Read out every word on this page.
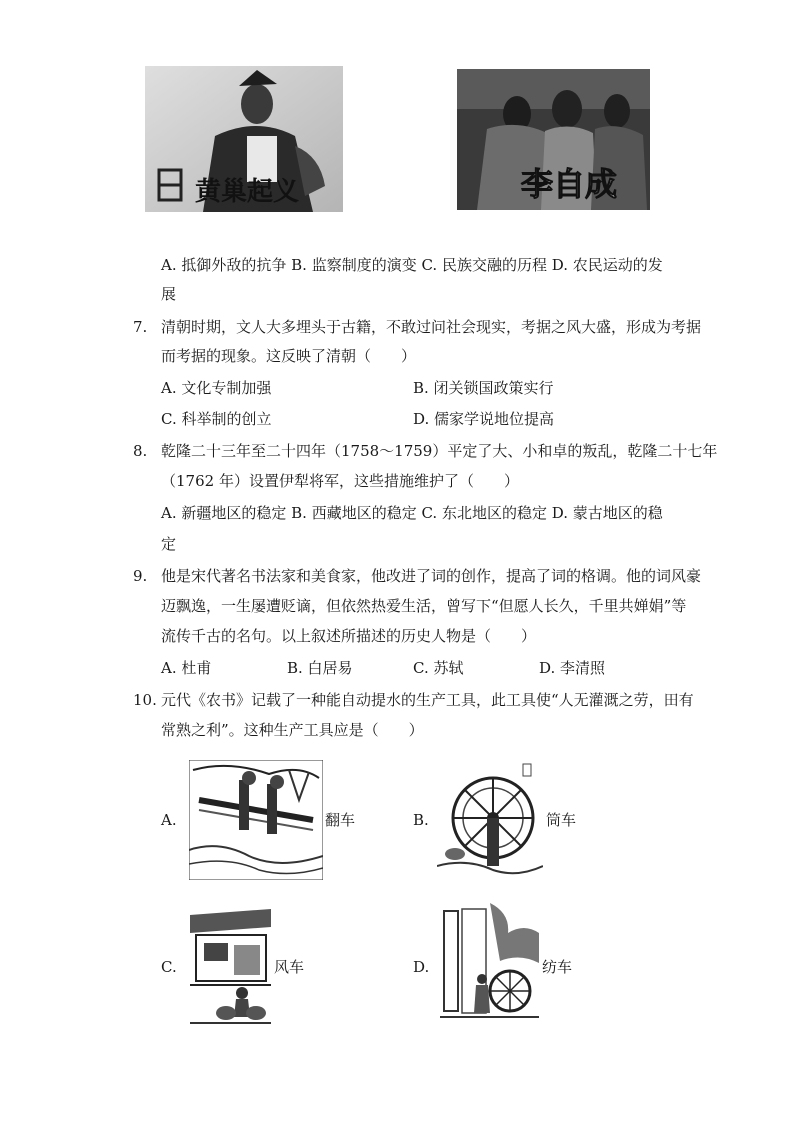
黄巢起义	李自成
A. 抵御外敌的抗争 B. 监察制度的演变 C. 民族交融的历程 D. 农民运动的发
展
7. 清朝时期，文人大多埋头于古籍，不敢过问社会现实，考据之风大盛，形成为考据
而考据的现象。这反映了清朝（　　）
A. 文化专制加强	B. 闭关锁国政策实行
C. 科举制的创立	D. 儒家学说地位提高
8. 乾隆二十三年至二十四年（1758～1759）平定了大、小和卓的叛乱，乾隆二十七年
（1762 年）设置伊犁将军，这些措施维护了（　　）
A. 新疆地区的稳定 B. 西藏地区的稳定 C. 东北地区的稳定 D. 蒙古地区的稳
定
9. 他是宋代著名书法家和美食家，他改进了词的创作，提高了词的格调。他的词风豪
迈飘逸，一生屡遭贬谪，但依然热爱生活，曾写下“但愿人长久，千里共婵娟”等
流传千古的名句。以上叙述所描述的历史人物是（　　）
A. 杜甫	B. 白居易	C. 苏轼	D. 李清照
10. 元代《农书》记载了一种能自动提水的生产工具，此工具使“人无灌溉之劳，田有
常熟之利”。这种生产工具应是（　　）
A.	翻车	B.	筒车
C.	风车	D.	纺车
